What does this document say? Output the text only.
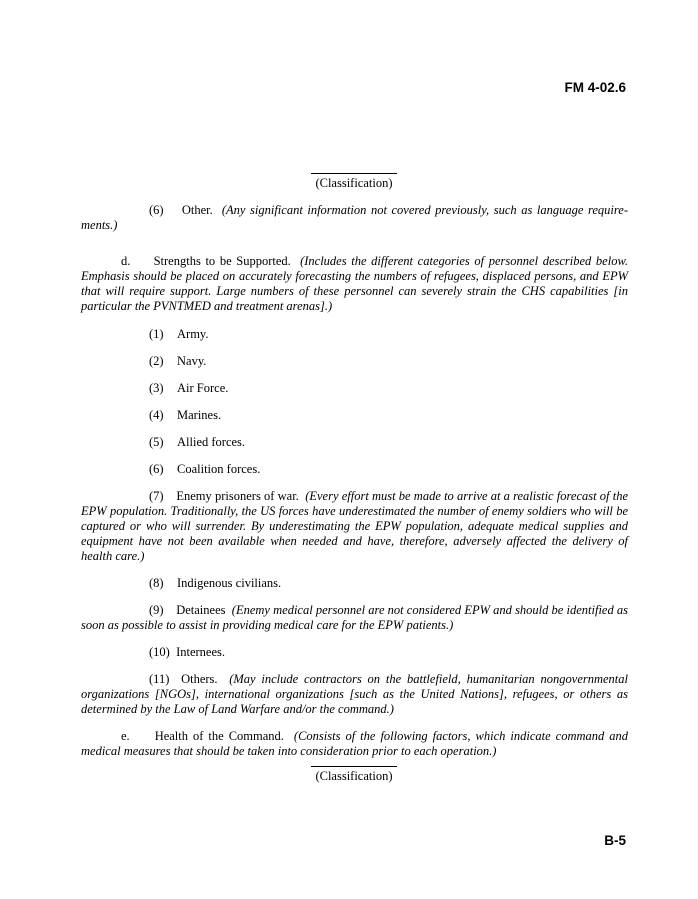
FM 4-02.6
(Classification)

(6) Other. (Any significant information not covered previously, such as language require-ments.)

d. Strengths to be Supported. (Includes the different categories of personnel described below. Emphasis should be placed on accurately forecasting the numbers of refugees, displaced persons, and EPW that will require support. Large numbers of these personnel can severely strain the CHS capabilities [in particular the PVNTMED and treatment arenas].)

(1) Army.

(2) Navy.

(3) Air Force.

(4) Marines.

(5) Allied forces.

(6) Coalition forces.

(7) Enemy prisoners of war. (Every effort must be made to arrive at a realistic forecast of the EPW population. Traditionally, the US forces have underestimated the number of enemy soldiers who will be captured or who will surrender. By underestimating the EPW population, adequate medical supplies and equipment have not been available when needed and have, therefore, adversely affected the delivery of health care.)

(8) Indigenous civilians.

(9) Detainees (Enemy medical personnel are not considered EPW and should be identified as soon as possible to assist in providing medical care for the EPW patients.)

(10) Internees.

(11) Others. (May include contractors on the battlefield, humanitarian nongovernmental organizations [NGOs], international organizations [such as the United Nations], refugees, or others as determined by the Law of Land Warfare and/or the command.)

e. Health of the Command. (Consists of the following factors, which indicate command and medical measures that should be taken into consideration prior to each operation.)

(Classification)
B-5
